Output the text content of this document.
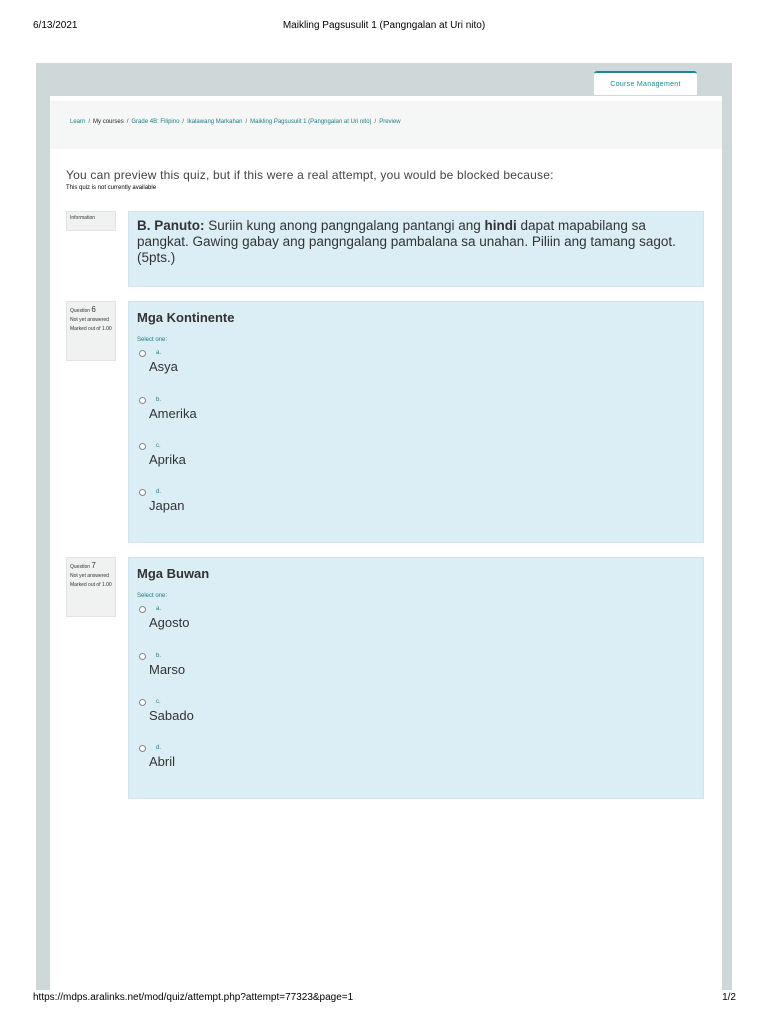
6/13/2021	Maikling Pagsusulit 1 (Pangngalan at Uri nito)
Course Management
Learn / My courses / Grade 4B: Filipino / Ikalawang Markahan / Maikling Pagsusulit 1 (Pangngalan at Uri nito) / Preview
You can preview this quiz, but if this were a real attempt, you would be blocked because:
This quiz is not currently available
Information	B. Panuto: Suriin kung anong pangngalang pantangi ang hindi dapat mapabilang sa pangkat. Gawing gabay ang pangngalang pambalana sa unahan. Piliin ang tamang sagot. (5pts.)
Question 6
Not yet answered
Marked out of 1.00
Mga Kontinente
Select one:
a.
Asya
b.
Amerika
c.
Aprika
d.
Japan
Question 7
Not yet answered
Marked out of 1.00
Mga Buwan
Select one:
a.
Agosto
b.
Marso
c.
Sabado
d.
Abril
https://mdps.aralinks.net/mod/quiz/attempt.php?attempt=77323&page=1	1/2
